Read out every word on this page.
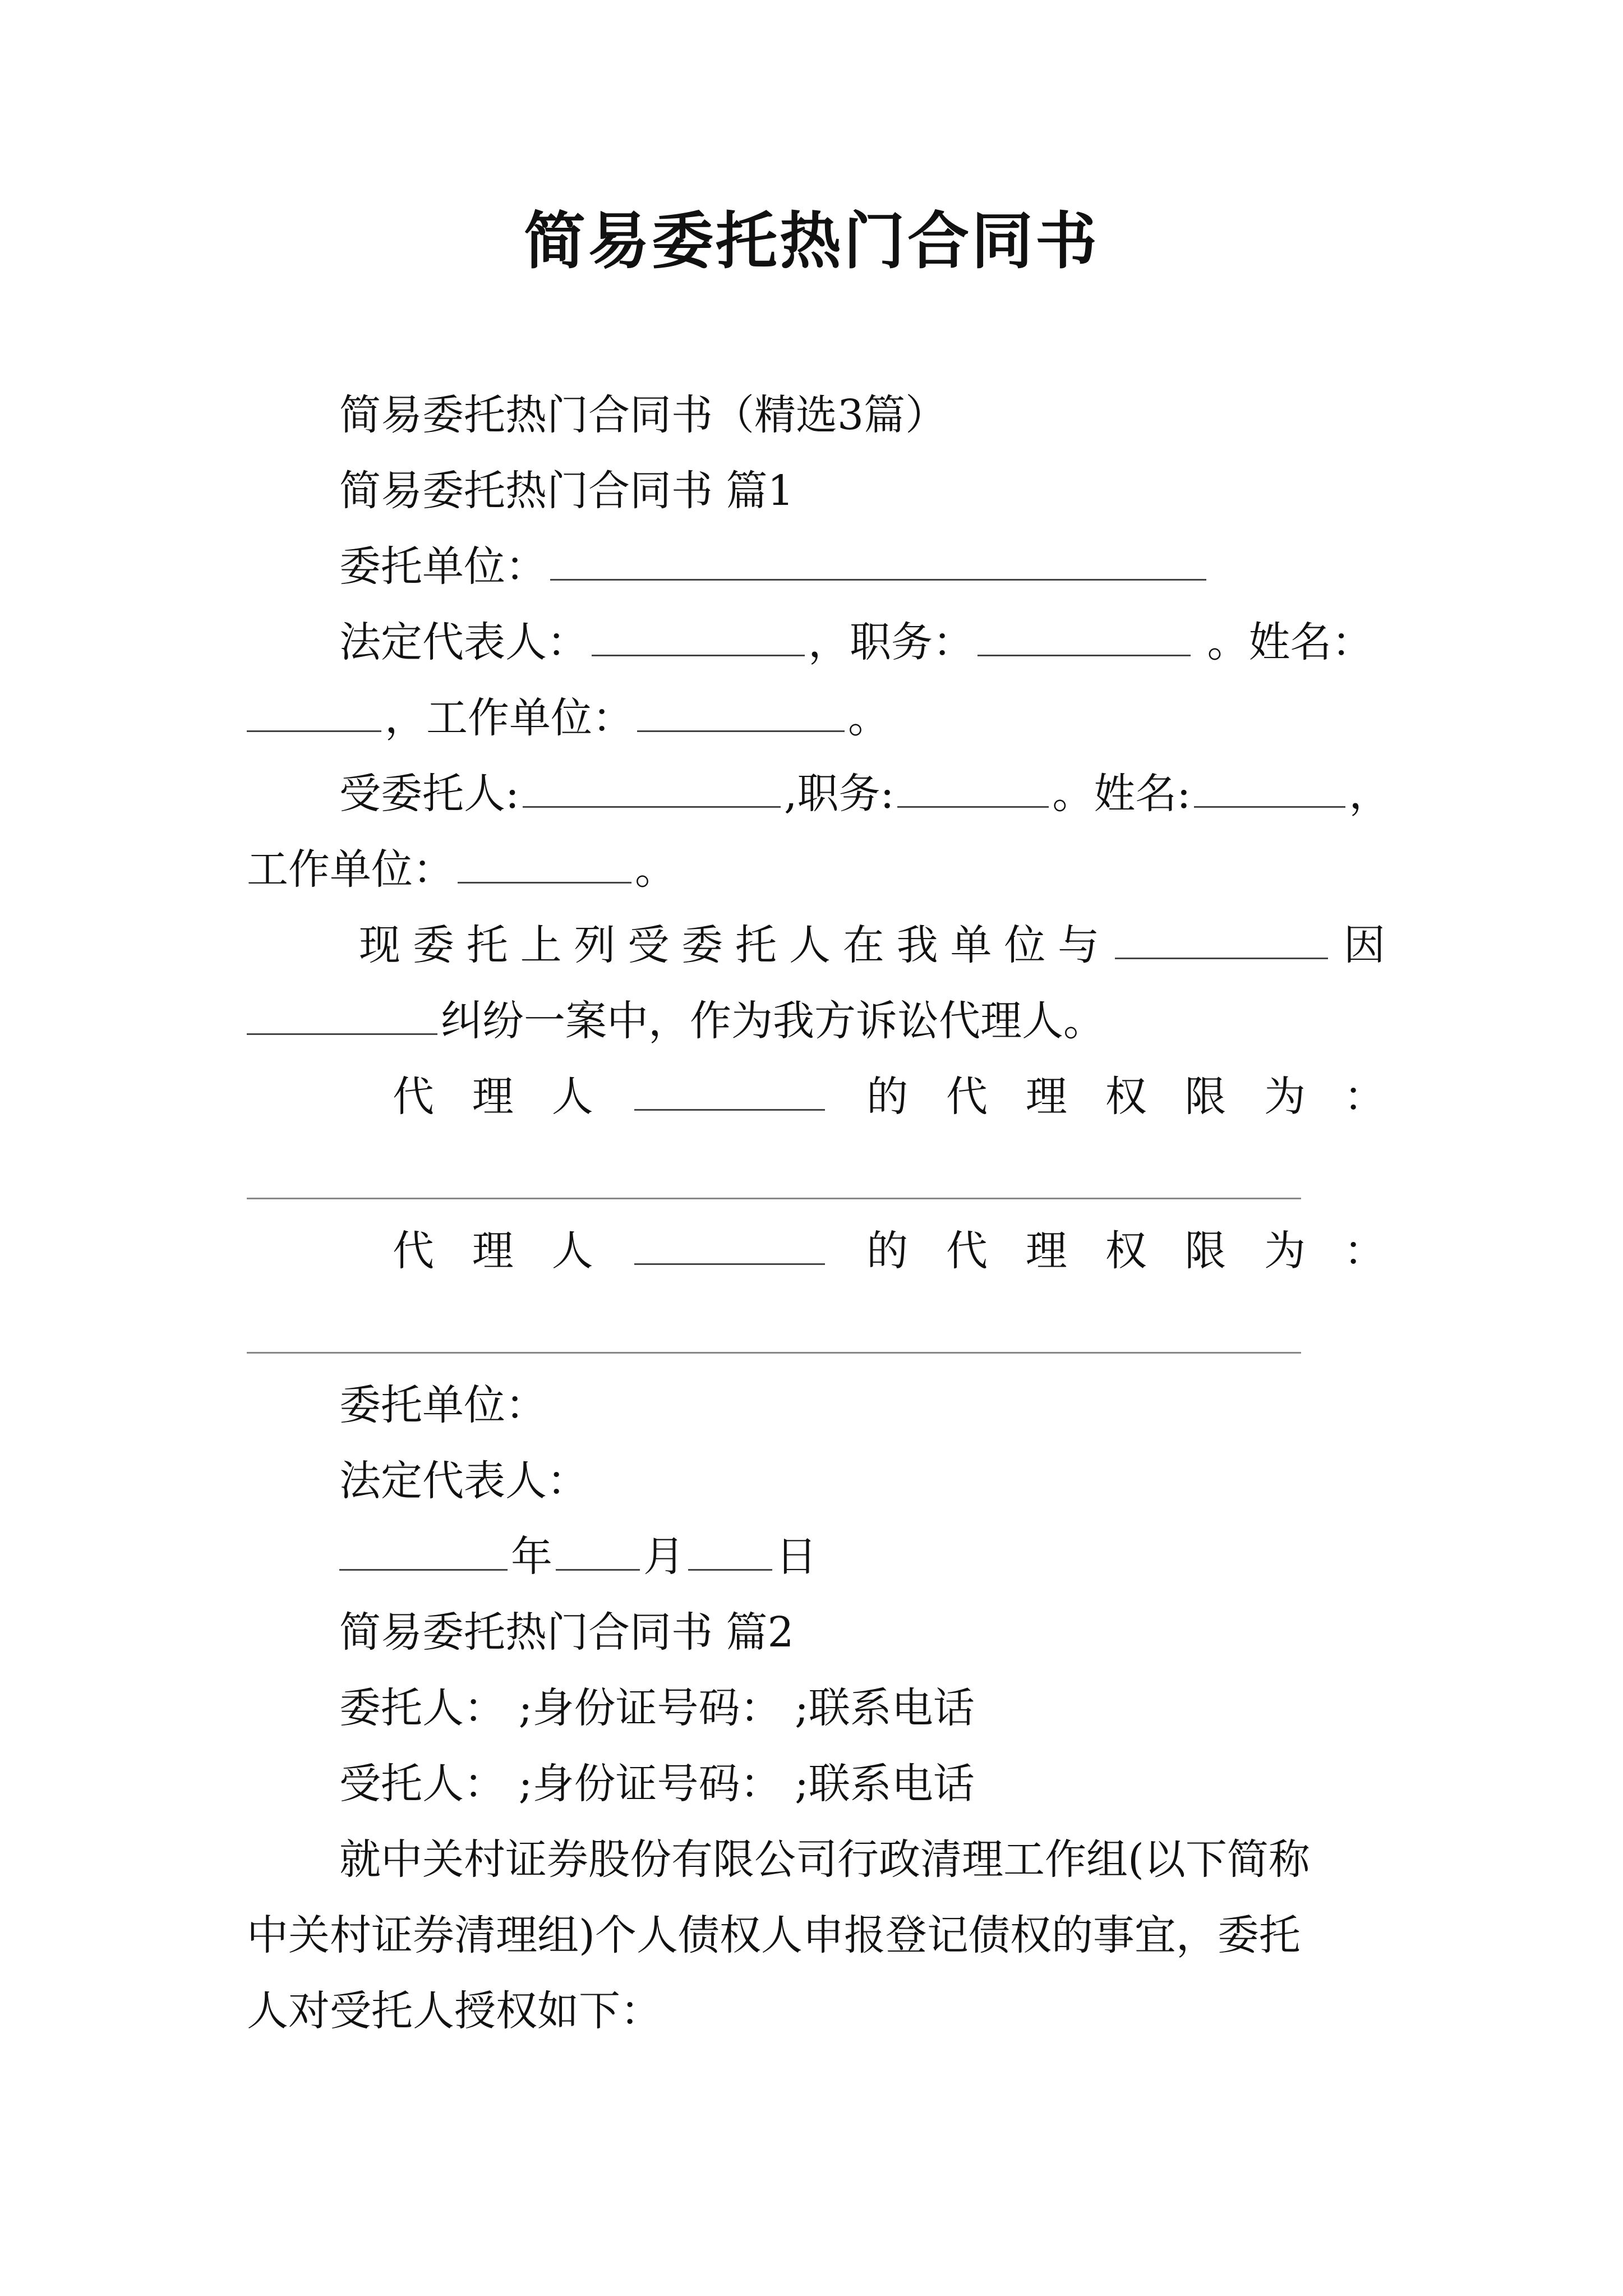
简易委托热门合同书
简易委托热门合同书（精选3篇）
简易委托热门合同书 篇1
委托单位：
法定代表人：	，职务：	。姓名：
，工作单位：	。
受委托人:	,职务:	。姓名:	，
工作单位：	。
现 委 托 上 列 受 委 托 人 在 我 单 位 与	因
纠纷一案中，作为我方诉讼代理人。
代 理 人	的 代 理 权 限 为 ：
代 理 人	的 代 理 权 限 为 ：
委托单位：
法定代表人：
年 月 日
简易委托热门合同书 篇2
委托人： ;身份证号码： ;联系电话
受托人： ;身份证号码： ;联系电话
就中关村证券股份有限公司行政清理工作组(以下简称
中关村证券清理组)个人债权人申报登记债权的事宜，委托
人对受托人授权如下：
